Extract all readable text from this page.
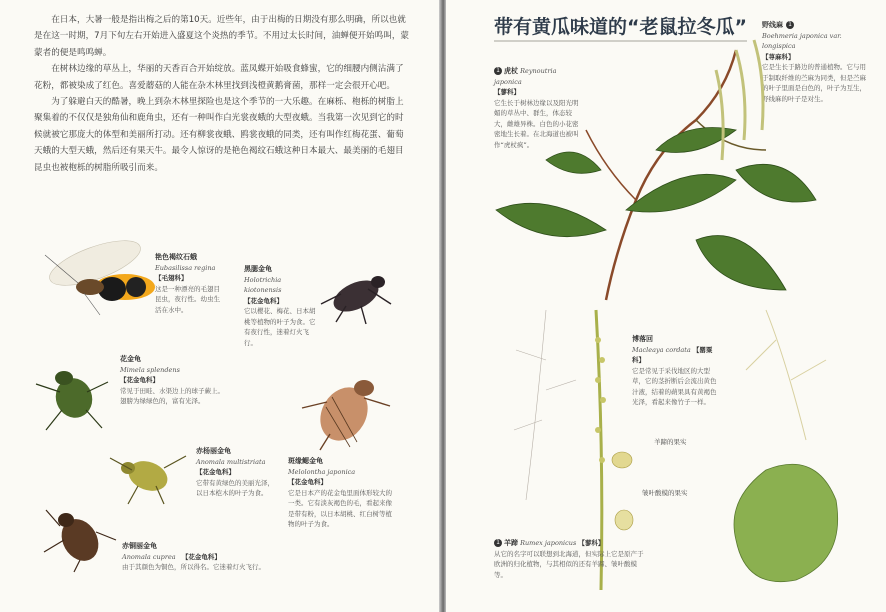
在日本，大暑一般是指出梅之后的第10天。近些年，由于出梅的日期没有那么明确，所以也就是在这一时期，7月下旬左右开始进入盛夏这个炎热的季节。不用过太长时间，油蝉便开始鸣叫，蒙蒙者的便是鸣鸣蝉。

在树林边缘的草丛上，华丽的天香百合开始绽放。蓝凤蝶开始吸食蜂蜜，它的细腰内侧沾满了花粉，都被染成了红色。喜爱蘑菇的人能在杂木林里找到浅橙黄鹅膏菌，那样一定会很开心吧。

为了躲避白天的酷暑，晚上到杂木林里探险也是这个季节的一大乐趣。在麻栎、枹栎的树脂上聚集着的不仅仅是独角仙和鹿角虫，还有一种叫作白光裳夜蛾的大型夜蛾。当我第一次见到它的时候就被它那庞大的体型和美丽所打动。还有柳裳夜蛾、鸥裳夜蛾的同类，还有叫作红梅花蛋、葡萄天蛾的大型天蛾，然后还有果天牛。最令人惊讶的是艳色褐纹石蛾这种日本最大、最美丽的毛翅目昆虫也被枹栎的树脂所吸引而来。

艳色褐纹石蛾
Eubasilissa regina
【毛翅科】
这是一种漂亮的毛翅目昆虫，夜行性。幼虫生活在水中。
黑腮金龟
Holotrichia kiotonensis
【花金龟科】
它以樱花、梅花、日本胡桃等植物的叶子为食。它有夜行性，迷着灯火飞行。
花金龟
Mimela splendens
【花金龟科】
常见于田畦、水渠边上的球子蕨上。翅膀为绿绿色的，富有光泽。
赤杨丽金龟
Anomala multistriata
【花金龟科】
它带有黄绿色的美丽光泽，以日本桤木的叶子为食。
斑缘鳃金龟
Melolontha japonica
【花金龟科】
它是日本产的花金龟里面体形较大的一类。它有淡灰褐色的毛，看起来像是带有粉，以日本胡桃、红白树等植物的叶子为食。
赤铜丽金龟
Anomala cuprea 【花金龟科】
由于其颜色为铜色，所以得名。它迷着灯火飞行。
带有黄瓜味道的“老鼠拉冬瓜”
1 虎杖 Reynoutria japonica
【蓼科】
它生长于树林边缘以及阳光明媚的草丛中、群生，体态较大，雌雄异株。白色的小花密密地生长着。在北海道也被叫作“虎杖疯”。
野线麻 1
Boehmeria japonica var. longispica
【荨麻科】
它是生长于路边的普通植物。它与用于制取纤维的苎麻为同类，但是苎麻的叶子里面是白色的，叶子为互生，野线麻的叶子是对生。
博落回
Macleaya cordata 【罂粟科】
它是常见于采伐地区的大型草，它的茎折断后会流出黄色汁液，结着的蒴果具有黄褐色光泽，看起来像竹子一样。
羊蹄的果实
皱叶酸模的果实
1 羊蹄 Rumex japonicus 【蓼科】
从它的名字可以联想到北海道，但实际上它是原产于欧洲的归化植物，与其相似的还有羊蹄、皱叶酸模等。
